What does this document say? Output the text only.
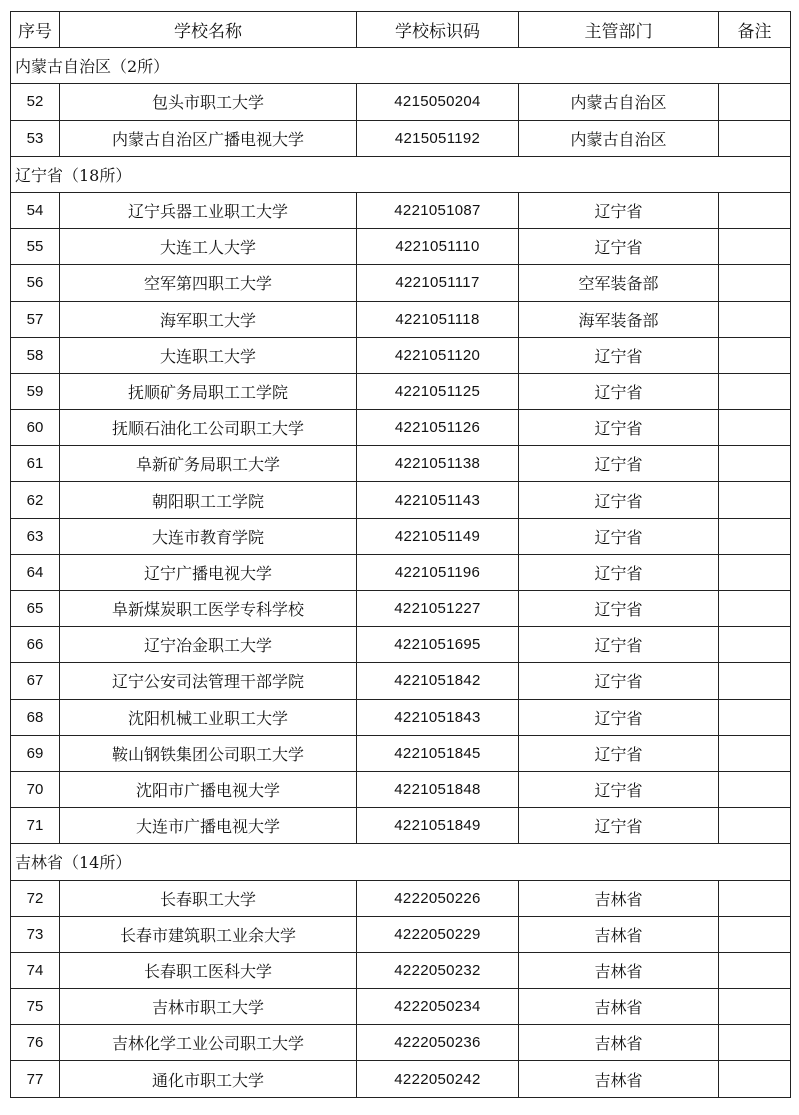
序号	学校名称	学校标识码	主管部门	备注
内蒙古自治区（2所）				
52	包头市职工大学	4215050204	内蒙古自治区	
53	内蒙古自治区广播电视大学	4215051192	内蒙古自治区	
辽宁省（18所）				
54	辽宁兵器工业职工大学	4221051087	辽宁省	
55	大连工人大学	4221051110	辽宁省	
56	空军第四职工大学	4221051117	空军装备部	
57	海军职工大学	4221051118	海军装备部	
58	大连职工大学	4221051120	辽宁省	
59	抚顺矿务局职工工学院	4221051125	辽宁省	
60	抚顺石油化工公司职工大学	4221051126	辽宁省	
61	阜新矿务局职工大学	4221051138	辽宁省	
62	朝阳职工工学院	4221051143	辽宁省	
63	大连市教育学院	4221051149	辽宁省	
64	辽宁广播电视大学	4221051196	辽宁省	
65	阜新煤炭职工医学专科学校	4221051227	辽宁省	
66	辽宁冶金职工大学	4221051695	辽宁省	
67	辽宁公安司法管理干部学院	4221051842	辽宁省	
68	沈阳机械工业职工大学	4221051843	辽宁省	
69	鞍山钢铁集团公司职工大学	4221051845	辽宁省	
70	沈阳市广播电视大学	4221051848	辽宁省	
71	大连市广播电视大学	4221051849	辽宁省	
吉林省（14所）				
72	长春职工大学	4222050226	吉林省	
73	长春市建筑职工业余大学	4222050229	吉林省	
74	长春职工医科大学	4222050232	吉林省	
75	吉林市职工大学	4222050234	吉林省	
76	吉林化学工业公司职工大学	4222050236	吉林省	
77	通化市职工大学	4222050242	吉林省	
